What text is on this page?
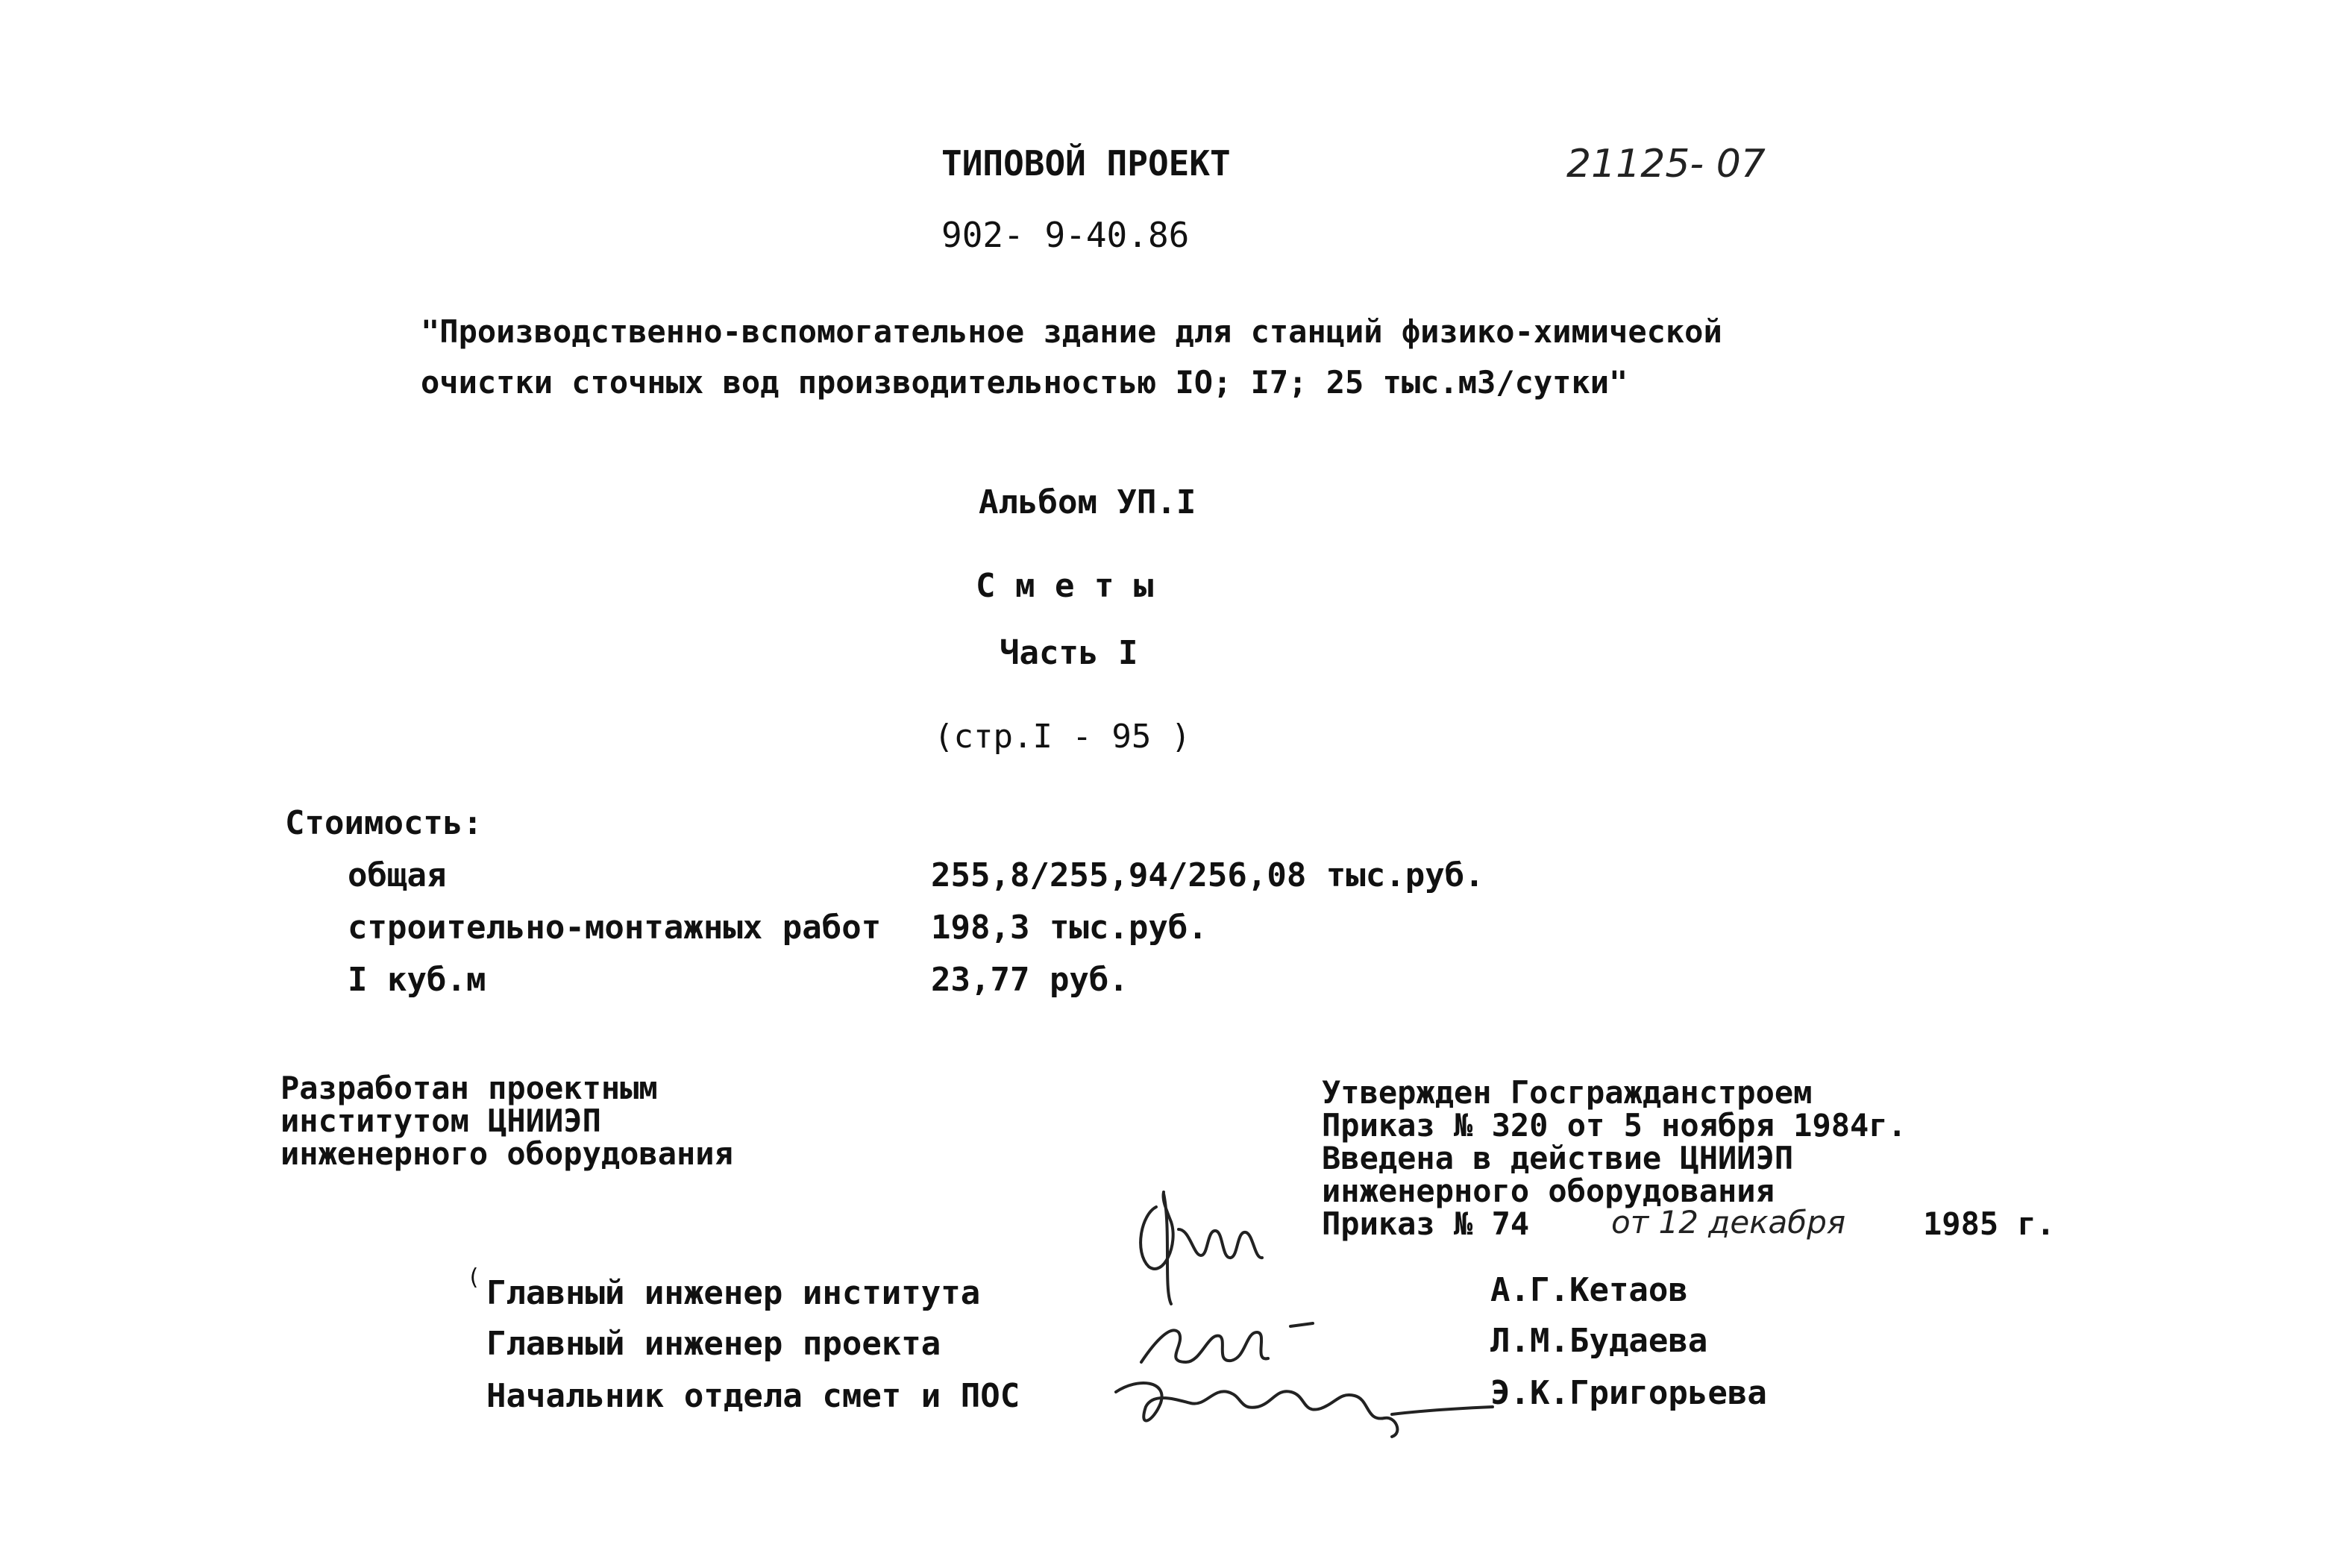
ТИПОВОЙ ПРОЕКТ	21125- 07
902- 9-40.86
"Производственно-вспомогательное здание для станций физико-химической
очистки сточных вод производительностью IO; I7; 25 тыс.м3/сутки"
Альбом УП.I
С м е т ы
Часть I
(стр.I - 95 )
Стоимость:
общая	255,8/255,94/256,08 тыс.руб.
строительно-монтажных работ 198,3 тыс.руб.
I куб.м	23,77 руб.
Разработан проектным
институтом ЦНИИЭП
инженерного оборудования
Утвержден Госгражданстроем
Приказ № 320 от 5 ноября 1984г.
Введена в действие ЦНИИЭП
инженерного оборудования
Приказ № 74	от 12 декабря 1985 г.
( Главный инженер института	А.Г.Кетаов
Главный инженер проекта	Л.М.Будаева
Начальник отдела смет и ПОС	Э.К.Григорьева
